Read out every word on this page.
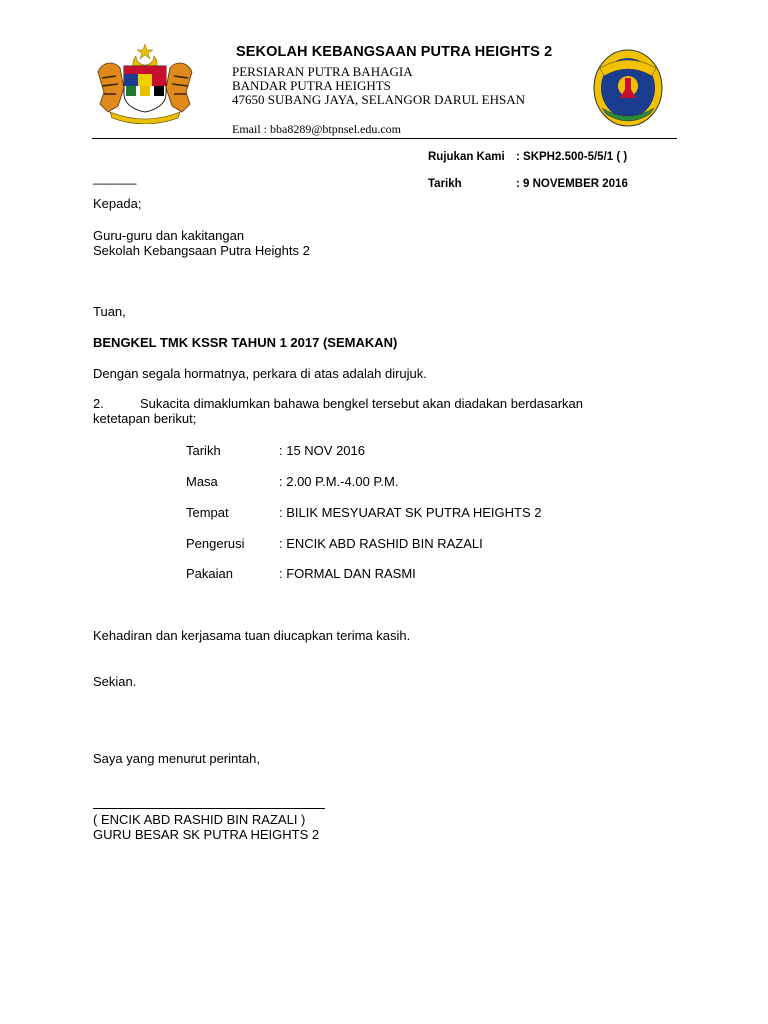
SEKOLAH KEBANGSAAN PUTRA HEIGHTS 2
PERSIARAN PUTRA BAHAGIA
BANDAR PUTRA HEIGHTS
47650 SUBANG JAYA, SELANGOR DARUL EHSAN
Email : bba8289@btpnsel.edu.com
Rujukan Kami : SKPH2.500-5/5/1 ( )
Tarikh	: 9 NOVEMBER 2016
______
Kepada;
Guru-guru dan kakitangan
Sekolah Kebangsaan Putra Heights 2
Tuan,
BENGKEL TMK KSSR TAHUN 1 2017 (SEMAKAN)
Dengan segala hormatnya, perkara di atas adalah dirujuk.
2.	Sukacita dimaklumkan bahawa bengkel tersebut akan diadakan berdasarkan
ketetapan berikut;
Tarikh	: 15 NOV 2016
Masa	: 2.00 P.M.-4.00 P.M.
Tempat	: BILIK MESYUARAT SK PUTRA HEIGHTS 2
Pengerusi	: ENCIK ABD RASHID BIN RAZALI
Pakaian	: FORMAL DAN RASMI
Kehadiran dan kerjasama tuan diucapkan terima kasih.
Sekian.
Saya yang menurut perintah,
( ENCIK ABD RASHID BIN RAZALI )
GURU BESAR SK PUTRA HEIGHTS 2
